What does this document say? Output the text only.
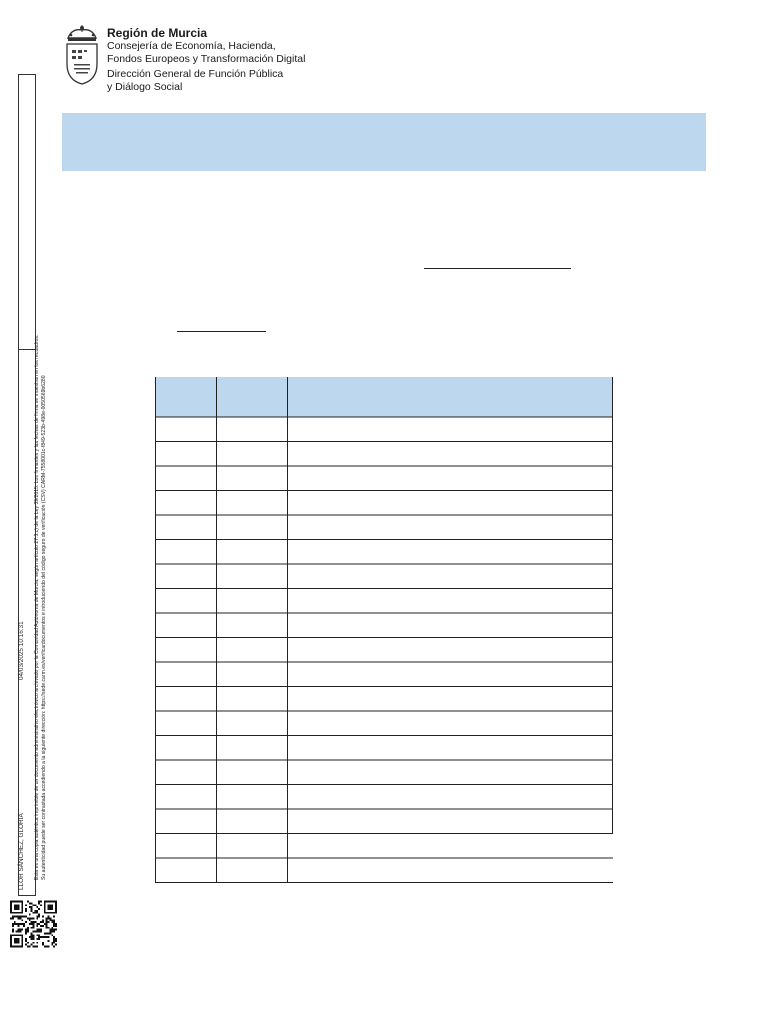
Región de Murcia
Consejería de Economía, Hacienda,
Fondos Europeos y Transformación Digital
Dirección General de Función Pública
y Diálogo Social
LLOR SÁNCHEZ, GLORIA
04/03/2025 10:16:31 Esta es una copia auténtica imprimible de un documento administrativo electrónico archivado por la Comunidad Autónoma de Murcia, según artículo 27.3.c) de la Ley 39/2015. Los firmantes y las fechas de firma se muestran en los recuadros. Su autenticidad puede ser contrastada accediendo a la siguiente dirección: https://sede.carm.es/verificardocumentos e introduciendo del código seguro de verificación (CSV) CARM-7558001c-f849-523b-498e-0050569b6280
